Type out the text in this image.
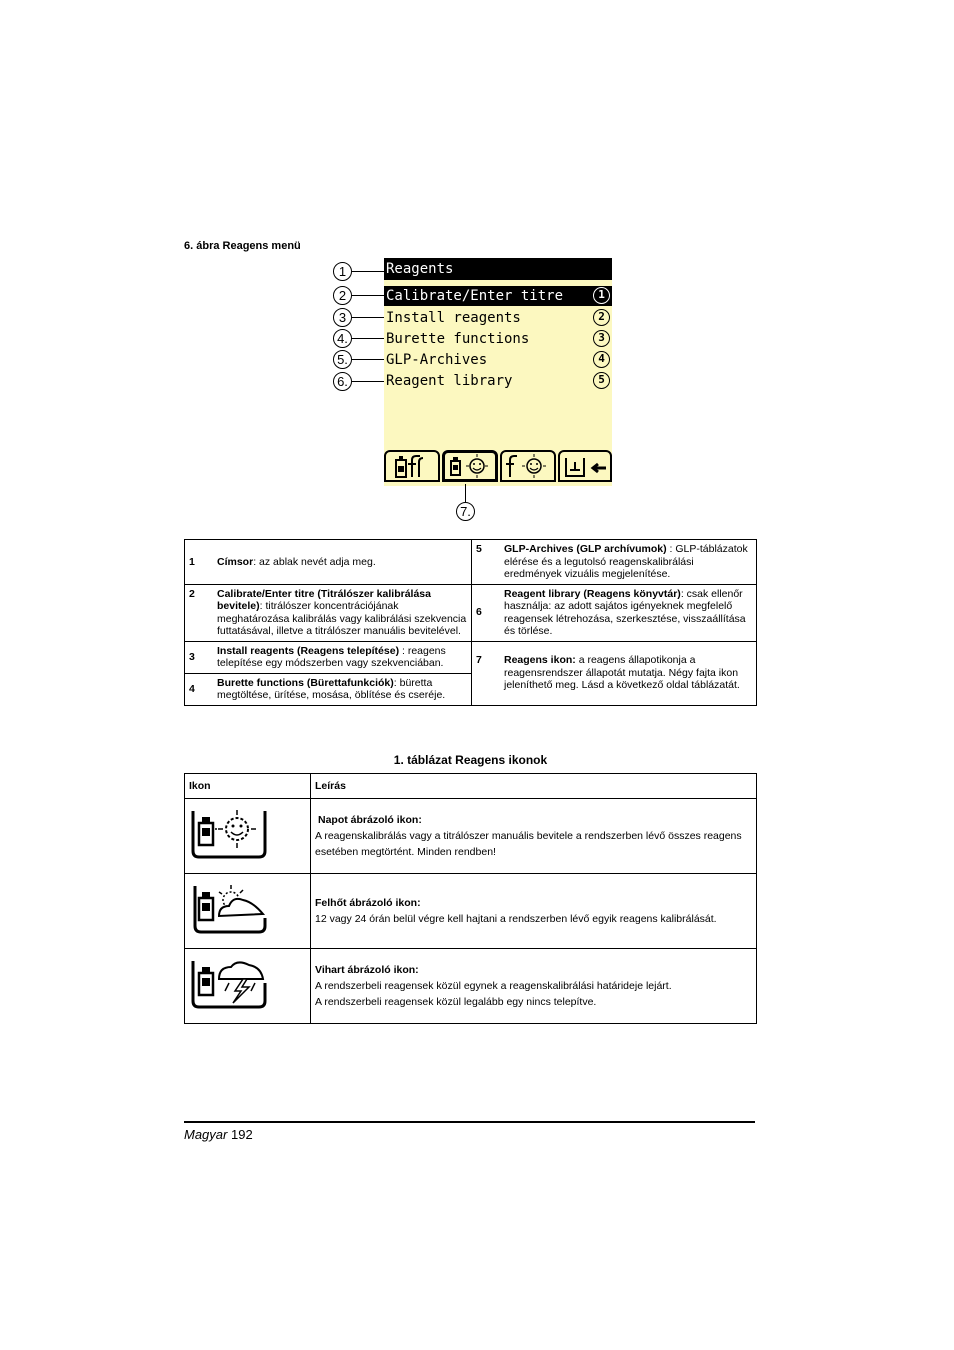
6. ábra Reagens menü
Reagents
Calibrate/Enter titre	1
Install reagents	2
Burette functions	3
GLP-Archives	4
Reagent library	5
1
2
3
4.
5.
6.
7.
1	Címsor: az ablak nevét adja meg.

5	GLP-Archives (GLP archívumok) : GLP-táblázatok elérése és a legutolsó reagenskalibrálási eredmények vizuális megjelenítése.

2	Calibrate/Enter titre (Titrálószer kalibrálása bevitele): titrálószer koncentrációjának meghatározása kalibrálás vagy kalibrálási szekvencia futtatásával, illetve a titrálószer manuális bevitelével.

6	Reagent library (Reagens könyvtár): csak ellenőr használja: az adott sajátos igényeknek megfelelő reagensek létrehozása, szerkesztése, visszaállítása és törlése.

3	Install reagents (Reagens telepítése) : reagens telepítése egy módszerben vagy szekvenciában.
4	Burette functions (Bürettafunkciók): büretta megtöltése, ürítése, mosása, öblítése és cseréje.

7	Reagens ikon: a reagens állapotikonja a reagensrendszer állapotát mutatja. Négy fajta ikon jeleníthető meg. Lásd a következő oldal táblázatát.
1. táblázat Reagens ikonok
Ikon	Leírás

Napot ábrázoló ikon:
A reagenskalibrálás vagy a titrálószer manuális bevitele a rendszerben lévő összes reagens esetében megtörtént. Minden rendben!

Felhőt ábrázoló ikon:
12 vagy 24 órán belül végre kell hajtani a rendszerben lévő egyik reagens kalibrálását.

Vihart ábrázoló ikon:
A rendszerbeli reagensek közül egynek a reagenskalibrálási határideje lejárt.
A rendszerbeli reagensek közül legalább egy nincs telepítve.
Magyar 192
